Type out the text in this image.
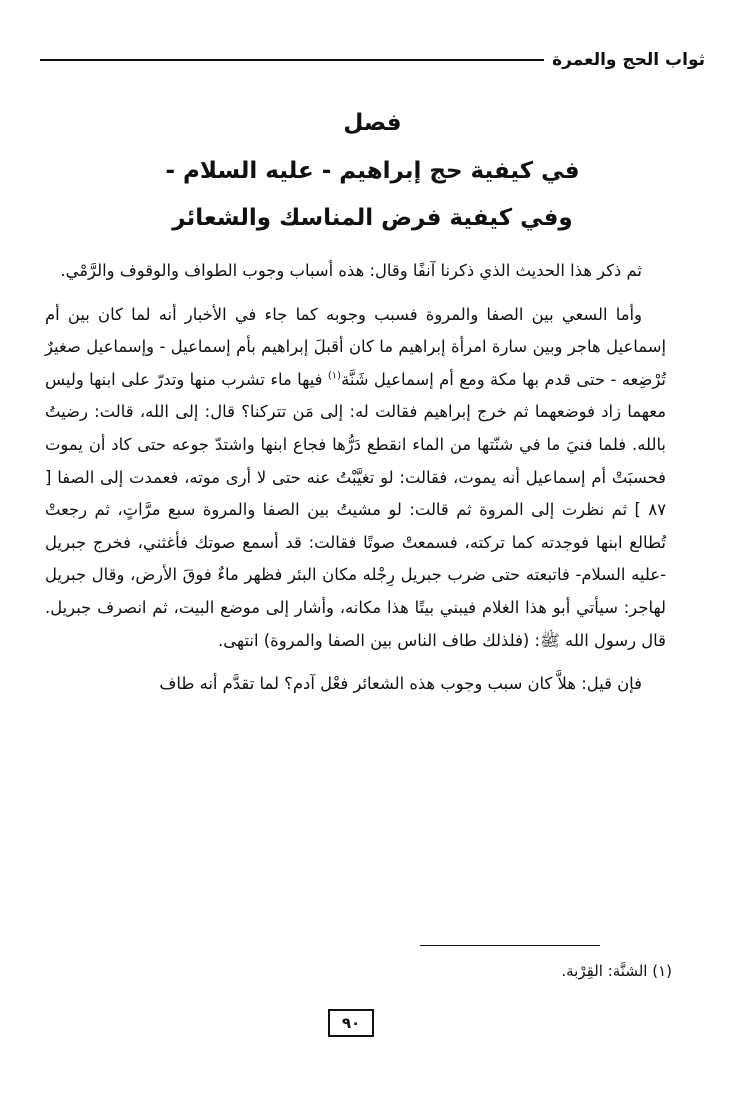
ثواب الحج والعمرة
فصل
في كيفية حج إبراهيم - عليه السلام -
وفي كيفية فرض المناسك والشعائر

ثم ذكر هذا الحديث الذي ذكرنا آنفًا وقال: هذه أسباب وجوب الطواف والوقوف والرَّمْي.

وأما السعي بين الصفا والمروة فسبب وجوبه كما جاء في الأخبار أنه لما كان بين أم إسماعيل هاجر وبين سارة امرأة إبراهيم ما كان أقبلَ إبراهيم بأم إسماعيل - وإسماعيل صغيرٌ تُرْضِعه - حتى قدم بها مكة ومع أم إسماعيل شَنَّة$^{(١)}$ فيها ماء تشرب منها وتدرّ على ابنها وليس معهما زاد فوضعهما ثم خرج إبراهيم فقالت له: إلى مَن تتركنا؟ قال: إلى الله، قالت: رضيتُ بالله. فلما فنيَ ما في شنّتها من الماء انقطع دَرُّها فجاع ابنها واشتدّ جوعه حتى كاد أن يموت فحسبَتْ أم إسماعيل أنه يموت، فقالت: لو تغيَّبْتُ عنه حتى لا أرى موته، فعمدت إلى الصفا [ ٨٧ ] ثم نظرت إلى المروة ثم قالت: لو مشيتُ بين الصفا والمروة سبع مرَّاتٍ، ثم رجعتْ تُطالع ابنها فوجدته كما تركته، فسمعتْ صوتًا فقالت: قد أسمع صوتك فأغثني، فخرج جبريل -عليه السلام- فاتبعته حتى ضرب جبريل رِجْله مكان البئر فظهر ماءٌ فوقَ الأرض، وقال جبريل لهاجر: سيأتي أبو هذا الغلام فيبني بيتًا هذا مكانه، وأشار إلى موضع البيت، ثم انصرف جبريل. قال رسول الله ﷺ: (فلذلك طاف الناس بين الصفا والمروة) انتهى.

فإن قيل: هلاَّ كان سبب وجوب هذه الشعائر فعْل آدم؟ لما تقدَّم أنه طاف

(١) الشنَّة: القِرْبة.
٩٠
